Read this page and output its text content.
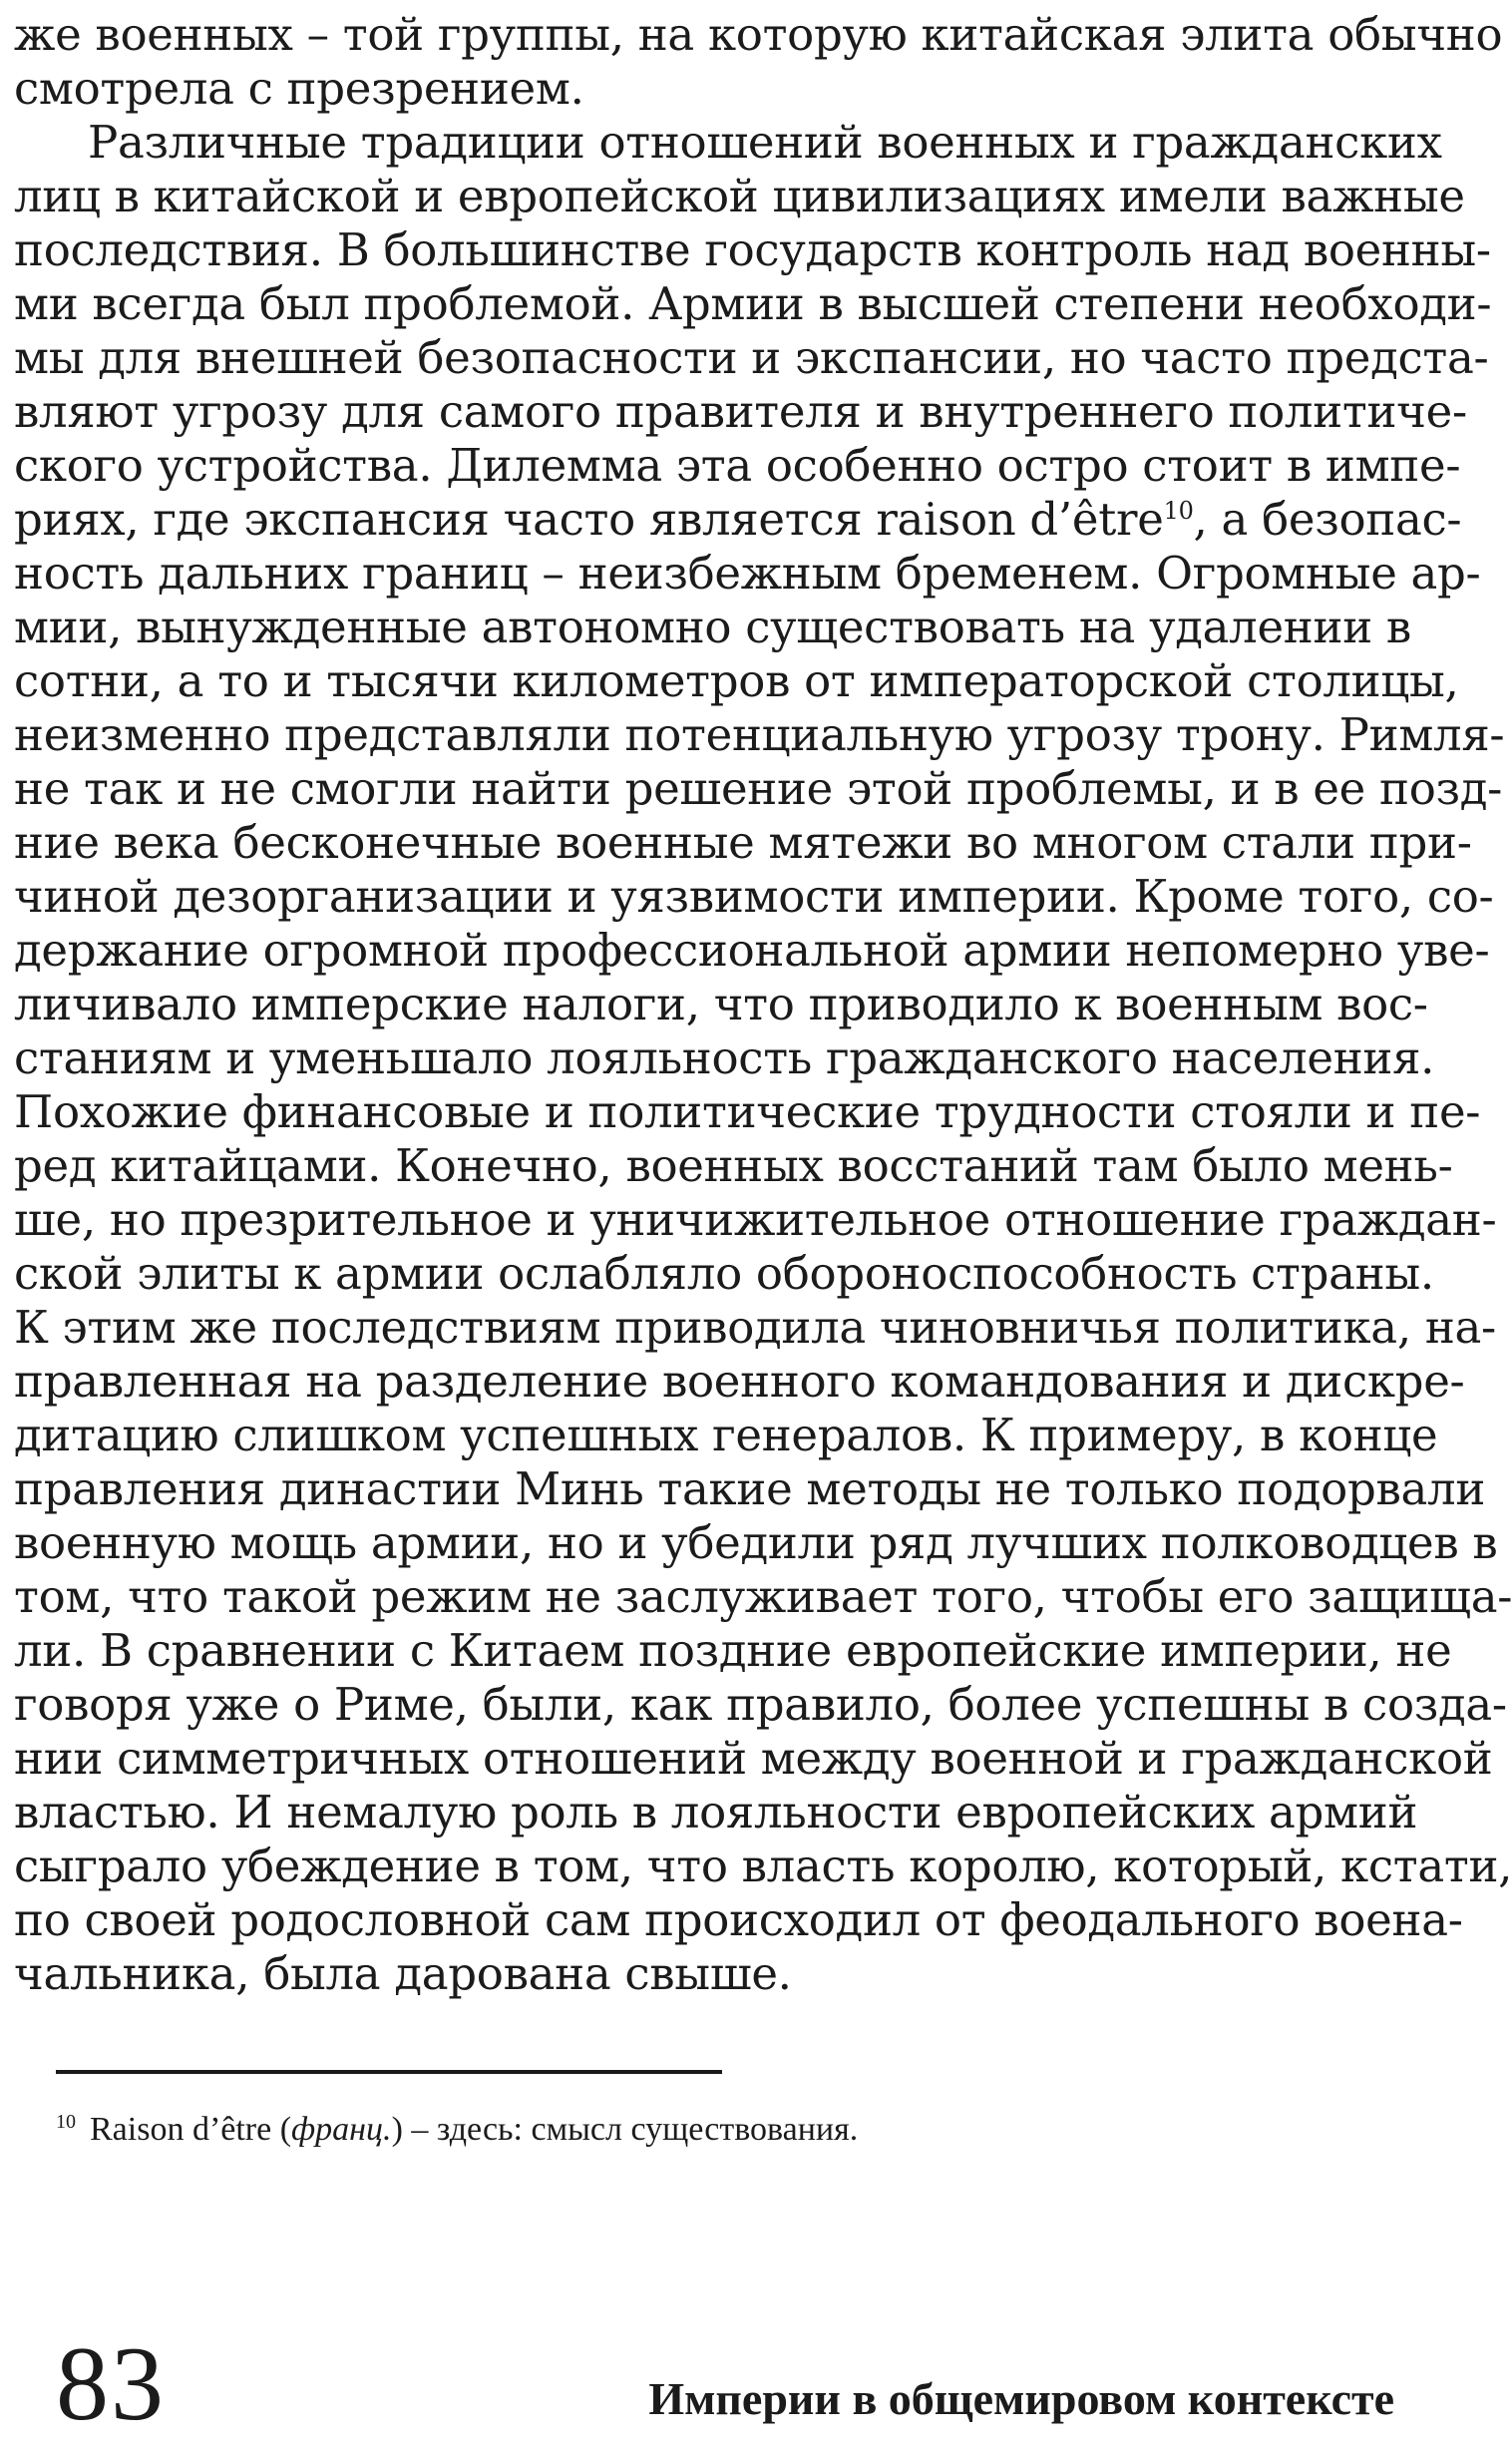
же военных – той группы, на которую китайская элита обычно
смотрела с презрением.
Различные традиции отношений военных и гражданских
лиц в китайской и европейской цивилизациях имели важные
последствия. В большинстве государств контроль над военны-
ми всегда был проблемой. Армии в высшей степени необходи-
мы для внешней безопасности и экспансии, но часто предста-
вляют угрозу для самого правителя и внутреннего политиче-
ского устройства. Дилемма эта особенно остро стоит в импе-
риях, где экспансия часто является raison d’être$^{10}$, а безопас-
ность дальних границ – неизбежным бременем. Огромные ар-
мии, вынужденные автономно существовать на удалении в
сотни, а то и тысячи километров от императорской столицы,
неизменно представляли потенциальную угрозу трону. Римля-
не так и не смогли найти решение этой проблемы, и в ее позд-
ние века бесконечные военные мятежи во многом стали при-
чиной дезорганизации и уязвимости империи. Кроме того, со-
держание огромной профессиональной армии непомерно уве-
личивало имперские налоги, что приводило к военным вос-
станиям и уменьшало лояльность гражданского населения.
Похожие финансовые и политические трудности стояли и пе-
ред китайцами. Конечно, военных восстаний там было мень-
ше, но презрительное и уничижительное отношение граждан-
ской элиты к армии ослабляло обороноспособность страны.
К этим же последствиям приводила чиновничья политика, на-
правленная на разделение военного командования и дискре-
дитацию слишком успешных генералов. К примеру, в конце
правления династии Минь такие методы не только подорвали
военную мощь армии, но и убедили ряд лучших полководцев в
том, что такой режим не заслуживает того, чтобы его защища-
ли. В сравнении с Китаем поздние европейские империи, не
говоря уже о Риме, были, как правило, более успешны в созда-
нии симметричных отношений между военной и гражданской
властью. И немалую роль в лояльности европейских армий
сыграло убеждение в том, что власть королю, который, кстати,
по своей родословной сам происходил от феодального воена-
чальника, была дарована свыше.
$^{10}$ Raison d’être (франц.) – здесь: смысл существования.
83	Империи в общемировом контексте
